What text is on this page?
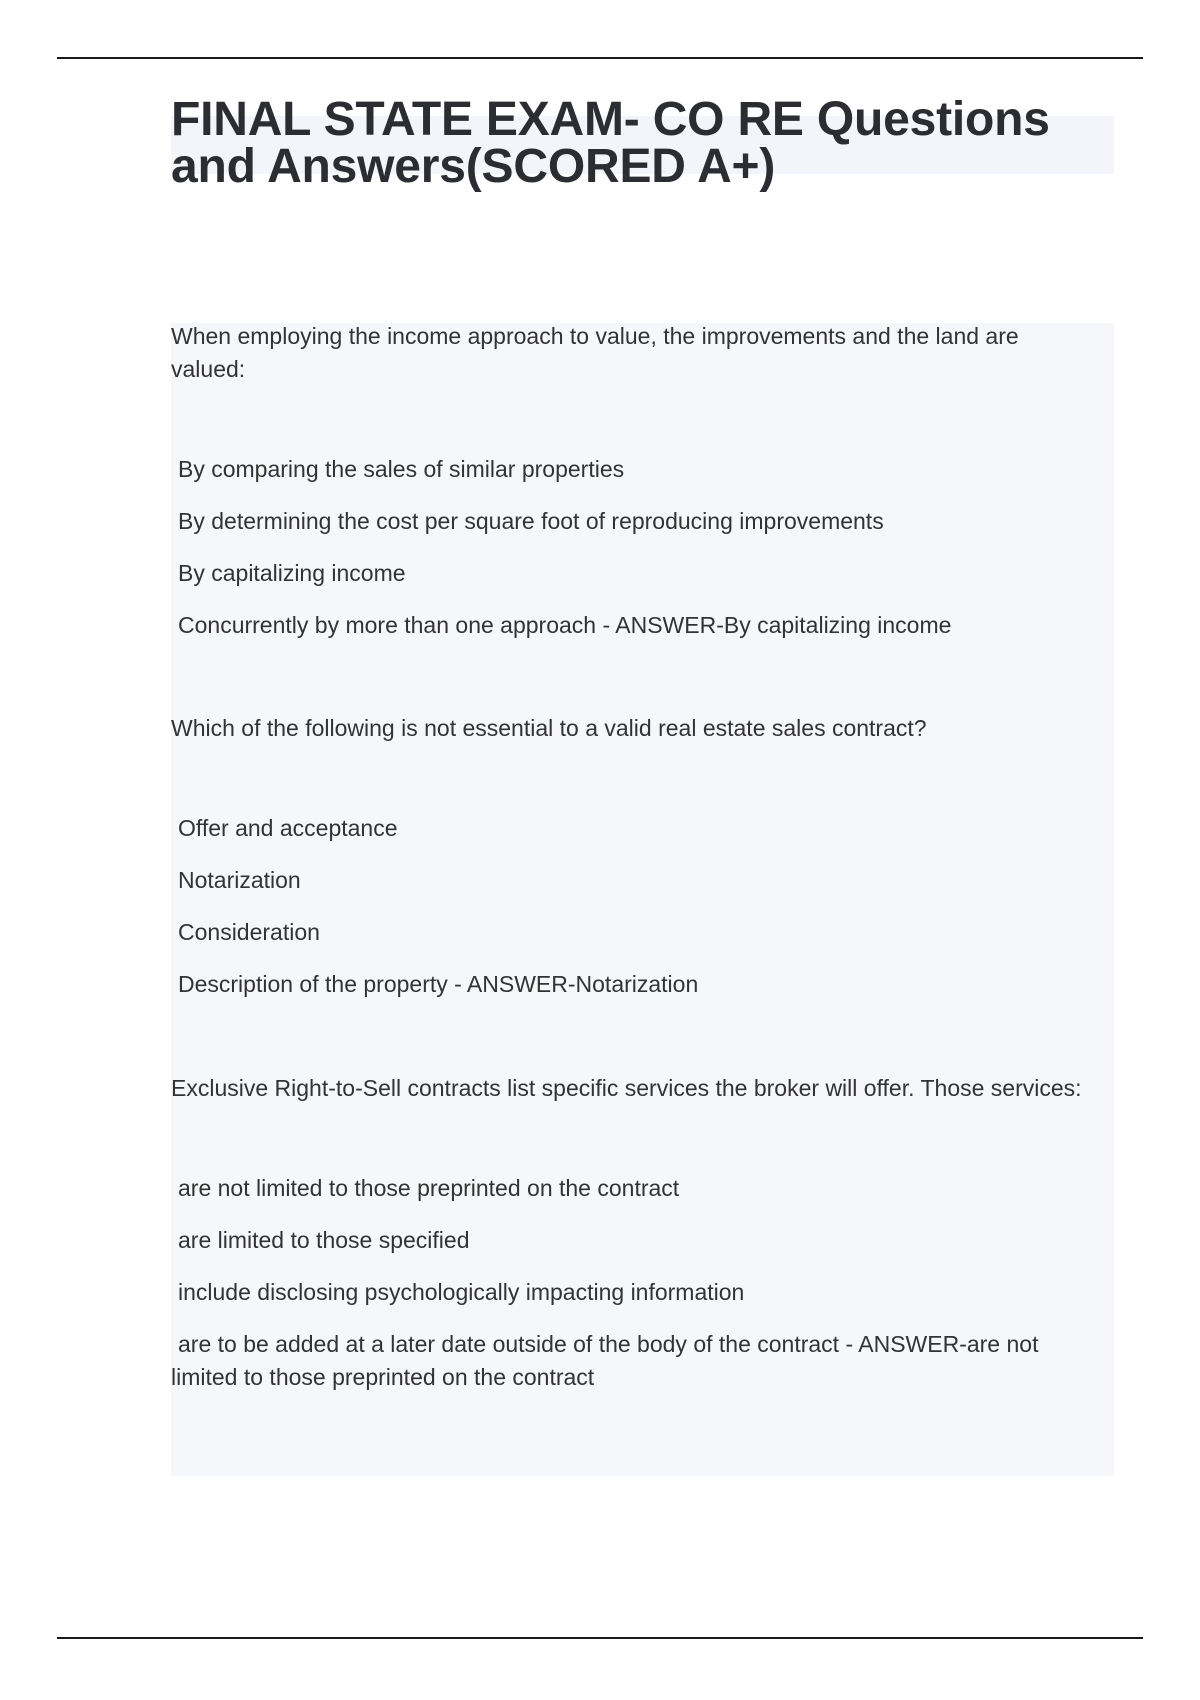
FINAL STATE EXAM- CO RE Questions and Answers(SCORED A+)

When employing the income approach to value, the improvements and the land are valued:

By comparing the sales of similar properties
By determining the cost per square foot of reproducing improvements
By capitalizing income
Concurrently by more than one approach - ANSWER-By capitalizing income

Which of the following is not essential to a valid real estate sales contract?

Offer and acceptance
Notarization
Consideration
Description of the property - ANSWER-Notarization

Exclusive Right-to-Sell contracts list specific services the broker will offer. Those services:

are not limited to those preprinted on the contract
are limited to those specified
include disclosing psychologically impacting information
are to be added at a later date outside of the body of the contract - ANSWER-are not limited to those preprinted on the contract
